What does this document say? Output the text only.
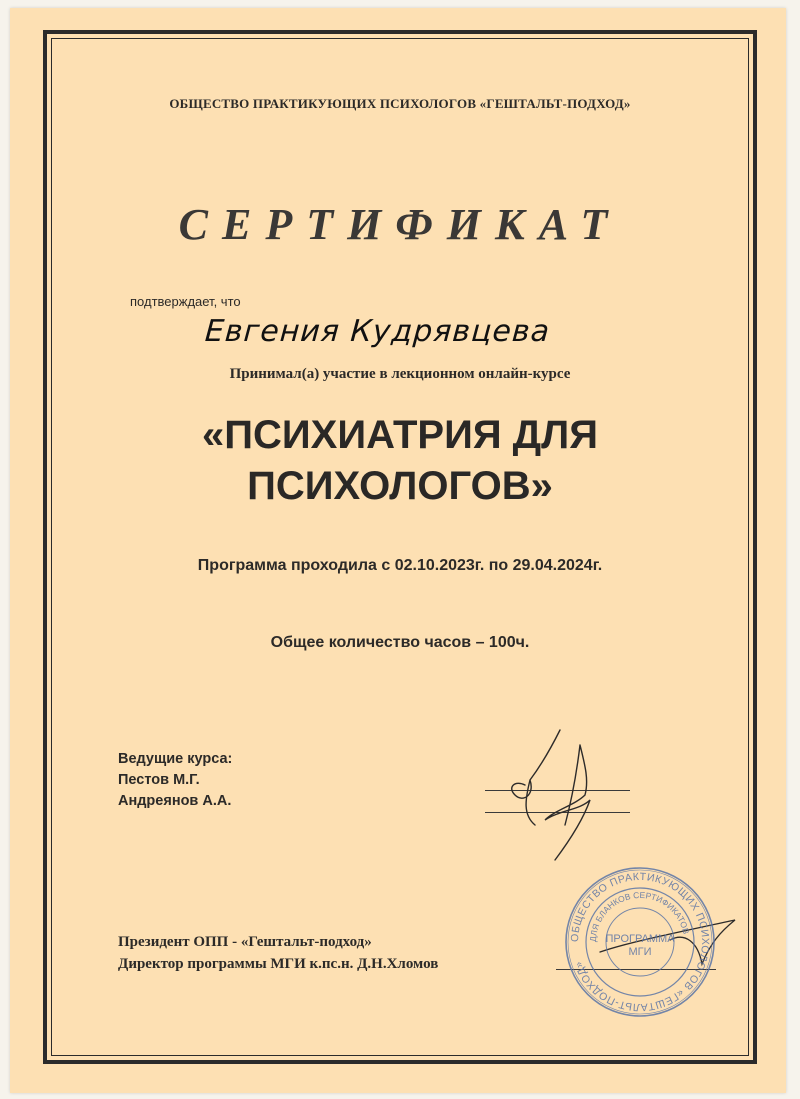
ОБЩЕСТВО ПРАКТИКУЮЩИХ ПСИХОЛОГОВ «ГЕШТАЛЬТ-ПОДХОД»
СЕРТИФИКАТ
подтверждает, что
Евгения Кудрявцева
Принимал(а) участие в лекционном онлайн-курсе
«ПСИХИАТРИЯ ДЛЯ
ПСИХОЛОГОВ»
Программа проходила с 02.10.2023г. по 29.04.2024г.
Общее количество часов – 100ч.
Ведущие курса:
Пестов М.Г.
Андреянов А.А.
Президент ОПП - «Гештальт-подход»
Директор программы МГИ к.пс.н. Д.Н.Хломов
ОБЩЕСТВО ПРАКТИКУЮЩИХ ПСИХОЛОГОВ «ГЕШТАЛЬТ-ПОДХОД»
ДЛЯ БЛАНКОВ СЕРТИФИКАТОВ
ПРОГРАММА
МГИ
